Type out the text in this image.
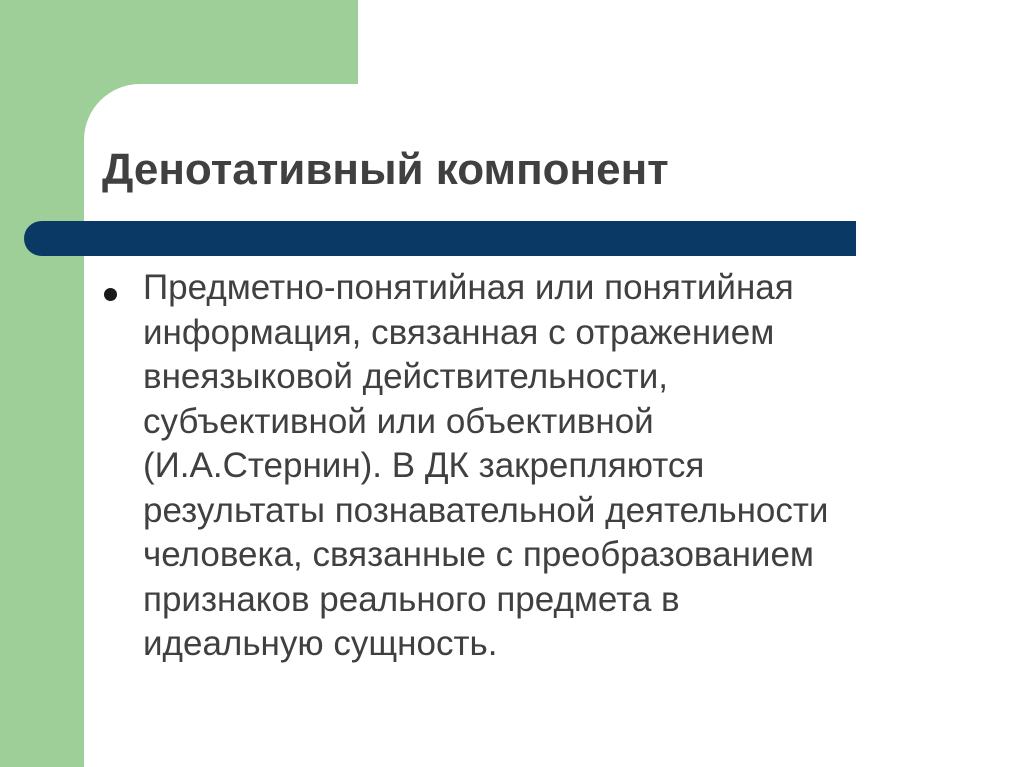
Денотативный компонент

Предметно-понятийная или понятийная
информация, связанная с отражением
внеязыковой действительности,
субъективной или объективной
(И.А.Стернин). В ДК закрепляются
результаты познавательной деятельности
человека, связанные с преобразованием
признаков реального предмета в
идеальную сущность.
